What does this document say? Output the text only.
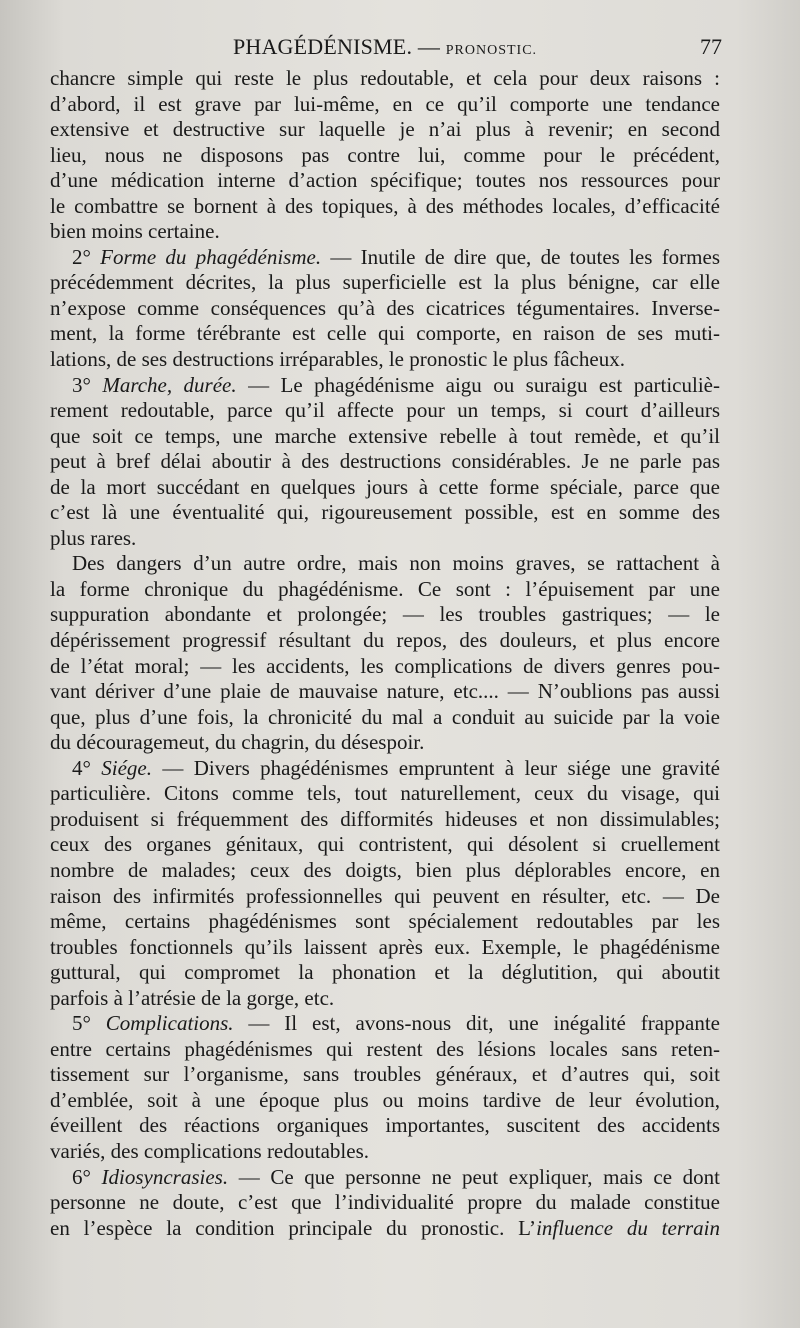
PHAGÉDÉNISME. — PRONOSTIC.	77

chancre simple qui reste le plus redoutable, et cela pour deux raisons :

d’abord, il est grave par lui-même, en ce qu’il comporte une tendance

extensive et destructive sur laquelle je n’ai plus à revenir; en second

lieu, nous ne disposons pas contre lui, comme pour le précédent,

d’une médication interne d’action spécifique; toutes nos ressources pour

le combattre se bornent à des topiques, à des méthodes locales, d’efficacité

bien moins certaine.

2° Forme du phagédénisme. — Inutile de dire que, de toutes les formes

précédemment décrites, la plus superficielle est la plus bénigne, car elle

n’expose comme conséquences qu’à des cicatrices tégumentaires. Inverse-

ment, la forme térébrante est celle qui comporte, en raison de ses muti-

lations, de ses destructions irréparables, le pronostic le plus fâcheux.

3° Marche, durée. — Le phagédénisme aigu ou suraigu est particuliè-

rement redoutable, parce qu’il affecte pour un temps, si court d’ailleurs

que soit ce temps, une marche extensive rebelle à tout remède, et qu’il

peut à bref délai aboutir à des destructions considérables. Je ne parle pas

de la mort succédant en quelques jours à cette forme spéciale, parce que

c’est là une éventualité qui, rigoureusement possible, est en somme des

plus rares.

Des dangers d’un autre ordre, mais non moins graves, se rattachent à

la forme chronique du phagédénisme. Ce sont : l’épuisement par une

suppuration abondante et prolongée; — les troubles gastriques; — le

dépérissement progressif résultant du repos, des douleurs, et plus encore

de l’état moral; — les accidents, les complications de divers genres pou-

vant dériver d’une plaie de mauvaise nature, etc.... — N’oublions pas aussi

que, plus d’une fois, la chronicité du mal a conduit au suicide par la voie

du découragemeut, du chagrin, du désespoir.

4° Siége. — Divers phagédénismes empruntent à leur siége une gravité

particulière. Citons comme tels, tout naturellement, ceux du visage, qui

produisent si fréquemment des difformités hideuses et non dissimulables;

ceux des organes génitaux, qui contristent, qui désolent si cruellement

nombre de malades; ceux des doigts, bien plus déplorables encore, en

raison des infirmités professionnelles qui peuvent en résulter, etc. — De

même, certains phagédénismes sont spécialement redoutables par les

troubles fonctionnels qu’ils laissent après eux. Exemple, le phagédénisme

guttural, qui compromet la phonation et la déglutition, qui aboutit

parfois à l’atrésie de la gorge, etc.

5° Complications. — Il est, avons-nous dit, une inégalité frappante

entre certains phagédénismes qui restent des lésions locales sans reten-

tissement sur l’organisme, sans troubles généraux, et d’autres qui, soit

d’emblée, soit à une époque plus ou moins tardive de leur évolution,

éveillent des réactions organiques importantes, suscitent des accidents

variés, des complications redoutables.

6° Idiosyncrasies. — Ce que personne ne peut expliquer, mais ce dont

personne ne doute, c’est que l’individualité propre du malade constitue

en l’espèce la condition principale du pronostic. L’influence du terrain
